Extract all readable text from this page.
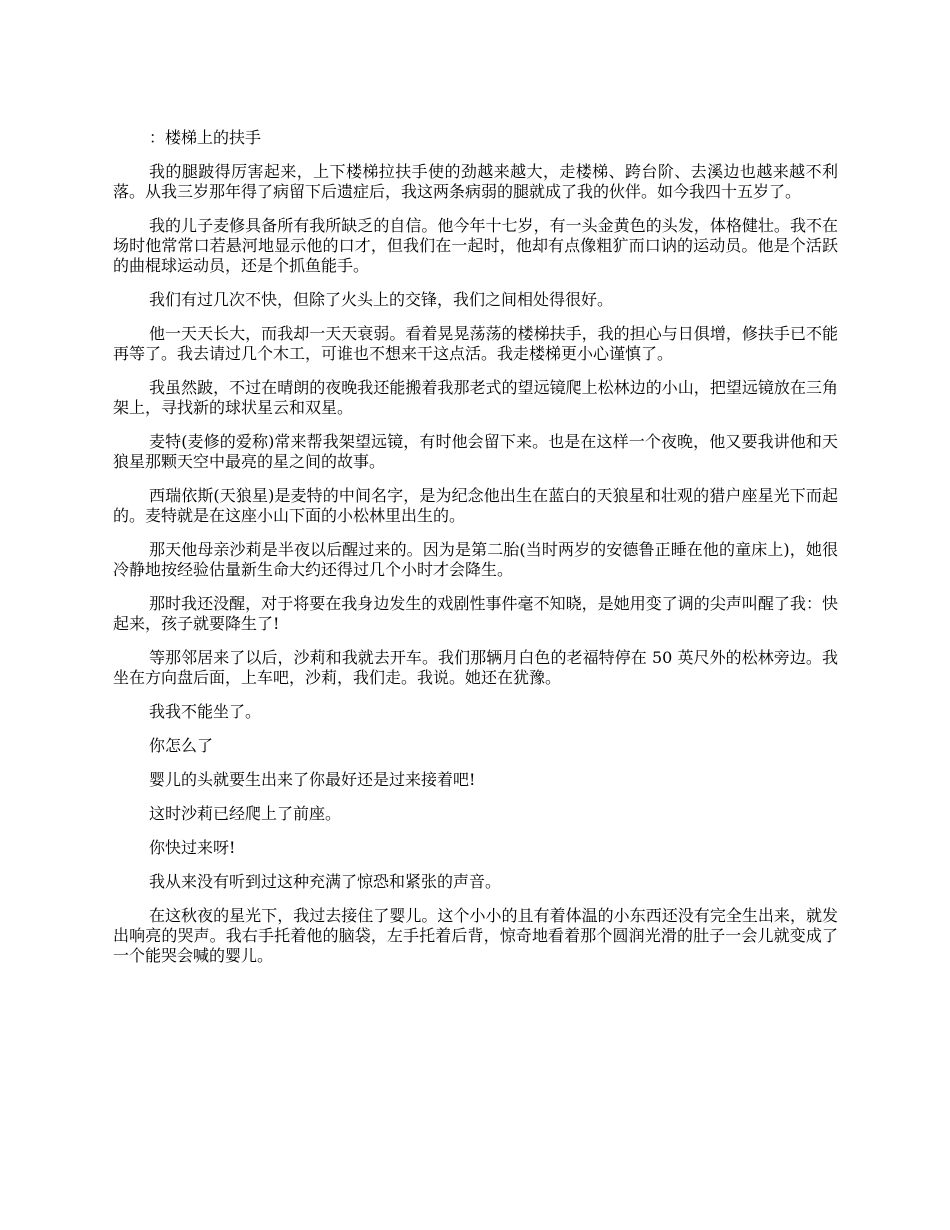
：楼梯上的扶手

我的腿跛得厉害起来，上下楼梯拉扶手使的劲越来越大，走楼梯、跨台阶、去溪边也越来越不利落。从我三岁那年得了病留下后遗症后，我这两条病弱的腿就成了我的伙伴。如今我四十五岁了。

我的儿子麦修具备所有我所缺乏的自信。他今年十七岁，有一头金黄色的头发，体格健壮。我不在场时他常常口若悬河地显示他的口才，但我们在一起时，他却有点像粗犷而口讷的运动员。他是个活跃的曲棍球运动员，还是个抓鱼能手。

我们有过几次不快，但除了火头上的交锋，我们之间相处得很好。

他一天天长大，而我却一天天衰弱。看着晃晃荡荡的楼梯扶手，我的担心与日俱增，修扶手已不能再等了。我去请过几个木工，可谁也不想来干这点活。我走楼梯更小心谨慎了。

我虽然跛，不过在晴朗的夜晚我还能搬着我那老式的望远镜爬上松林边的小山，把望远镜放在三角架上，寻找新的球状星云和双星。

麦特(麦修的爱称)常来帮我架望远镜，有时他会留下来。也是在这样一个夜晚，他又要我讲他和天狼星那颗天空中最亮的星之间的故事。

西瑞依斯(天狼星)是麦特的中间名字，是为纪念他出生在蓝白的天狼星和壮观的猎户座星光下而起的。麦特就是在这座小山下面的小松林里出生的。

那天他母亲沙莉是半夜以后醒过来的。因为是第二胎(当时两岁的安德鲁正睡在他的童床上)，她很冷静地按经验估量新生命大约还得过几个小时才会降生。

那时我还没醒，对于将要在我身边发生的戏剧性事件毫不知晓，是她用变了调的尖声叫醒了我：快起来，孩子就要降生了!

等那邻居来了以后，沙莉和我就去开车。我们那辆月白色的老福特停在 50 英尺外的松林旁边。我坐在方向盘后面，上车吧，沙莉，我们走。我说。她还在犹豫。

我我不能坐了。

你怎么了

婴儿的头就要生出来了你最好还是过来接着吧!

这时沙莉已经爬上了前座。

你快过来呀!

我从来没有听到过这种充满了惊恐和紧张的声音。

在这秋夜的星光下，我过去接住了婴儿。这个小小的且有着体温的小东西还没有完全生出来，就发出响亮的哭声。我右手托着他的脑袋，左手托着后背，惊奇地看着那个圆润光滑的肚子一会儿就变成了一个能哭会喊的婴儿。
